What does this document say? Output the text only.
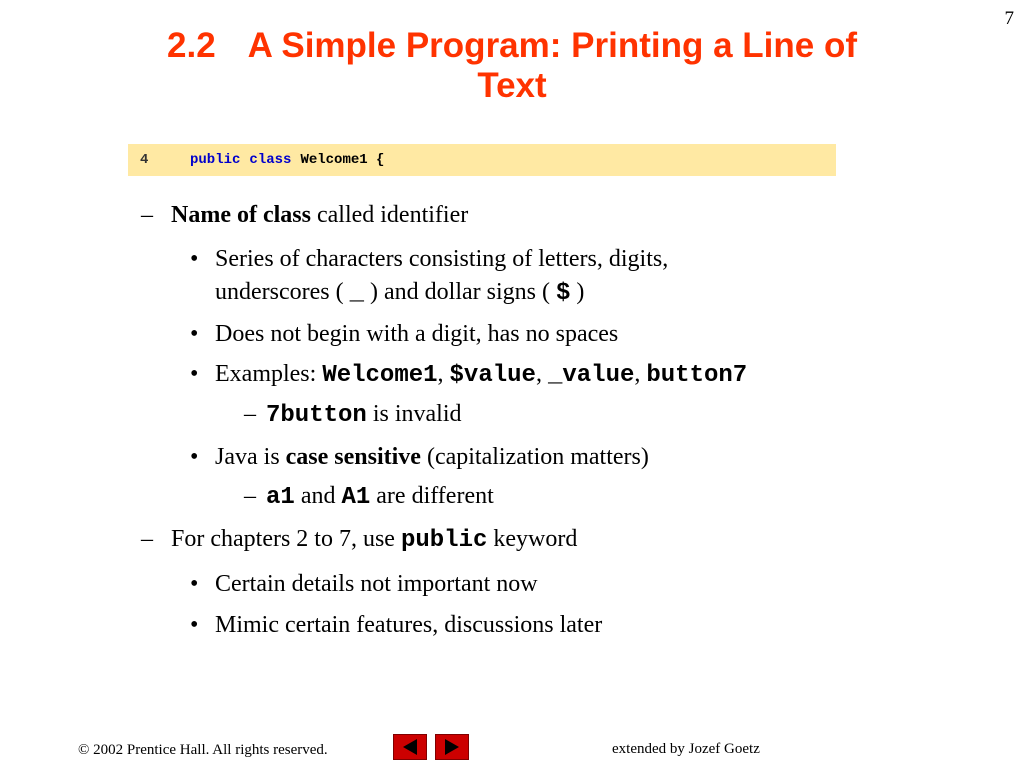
7
2.2 A Simple Program: Printing a Line of
Text
4	public class Welcome1 {
– Name of class called identifier
• Series of characters consisting of letters, digits,
underscores ( _ ) and dollar signs ( $ )
• Does not begin with a digit, has no spaces
• Examples: Welcome1, $value, _value, button7
– 7button is invalid
• Java is case sensitive (capitalization matters)
– a1 and A1 are different
– For chapters 2 to 7, use public keyword
• Certain details not important now
• Mimic certain features, discussions later
© 2002 Prentice Hall. All rights reserved.	extended by Jozef Goetz
